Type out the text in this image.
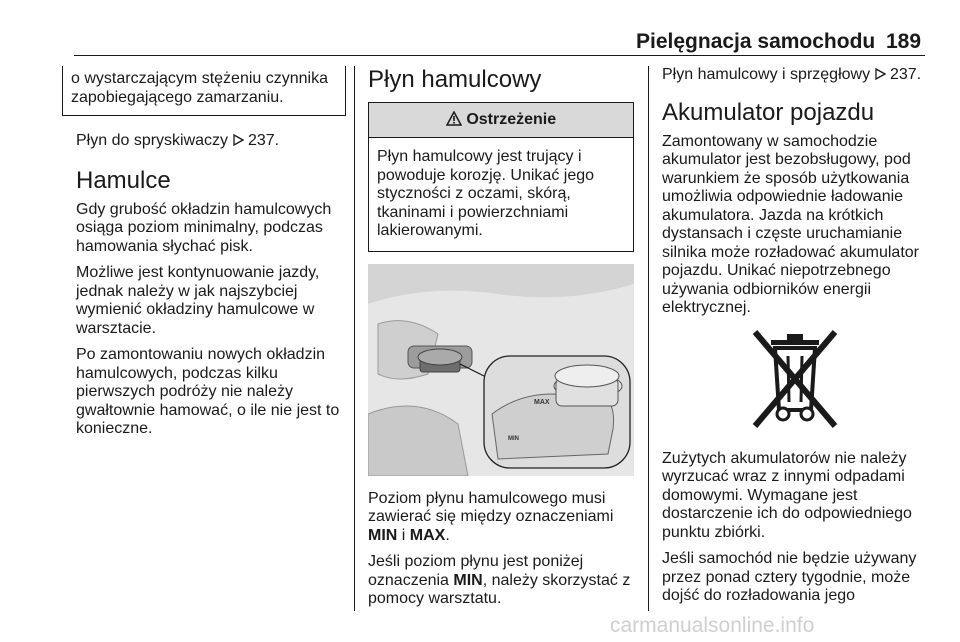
Pielęgnacja samochodu 189
o wystarczającym stężeniu czynnika zapobiegającego zamarzaniu.

Płyn do spryskiwaczy 237.

Hamulce

Gdy grubość okładzin hamulcowych osiąga poziom minimalny, podczas hamowania słychać pisk.

Możliwe jest kontynuowanie jazdy, jednak należy w jak najszybciej wymienić okładziny hamulcowe w warsztacie.

Po zamontowaniu nowych okładzin hamulcowych, podczas kilku pierwszych podróży nie należy gwałtownie hamować, o ile nie jest to konieczne.

Płyn hamulcowy
Ostrzeżenie
Płyn hamulcowy jest trujący i powoduje korozję. Unikać jego styczności z oczami, skórą, tkaninami i powierzchniami lakierowanymi.
MAX
MIN

Poziom płynu hamulcowego musi zawierać się między oznaczeniami MIN i MAX.

Jeśli poziom płynu jest poniżej oznaczenia MIN, należy skorzystać z pomocy warsztatu.

Płyn hamulcowy i sprzęgłowy 237.

Akumulator pojazdu

Zamontowany w samochodzie akumulator jest bezobsługowy, pod warunkiem że sposób użytkowania umożliwia odpowiednie ładowanie akumulatora. Jazda na krótkich dystansach i częste uruchamianie silnika może rozładować akumulator pojazdu. Unikać niepotrzebnego używania odbiorników energii elektrycznej.

Zużytych akumulatorów nie należy wyrzucać wraz z innymi odpadami domowymi. Wymagane jest dostarczenie ich do odpowiedniego punktu zbiórki.

Jeśli samochód nie będzie używany przez ponad cztery tygodnie, może dojść do rozładowania jego

carmanualsonline.info
